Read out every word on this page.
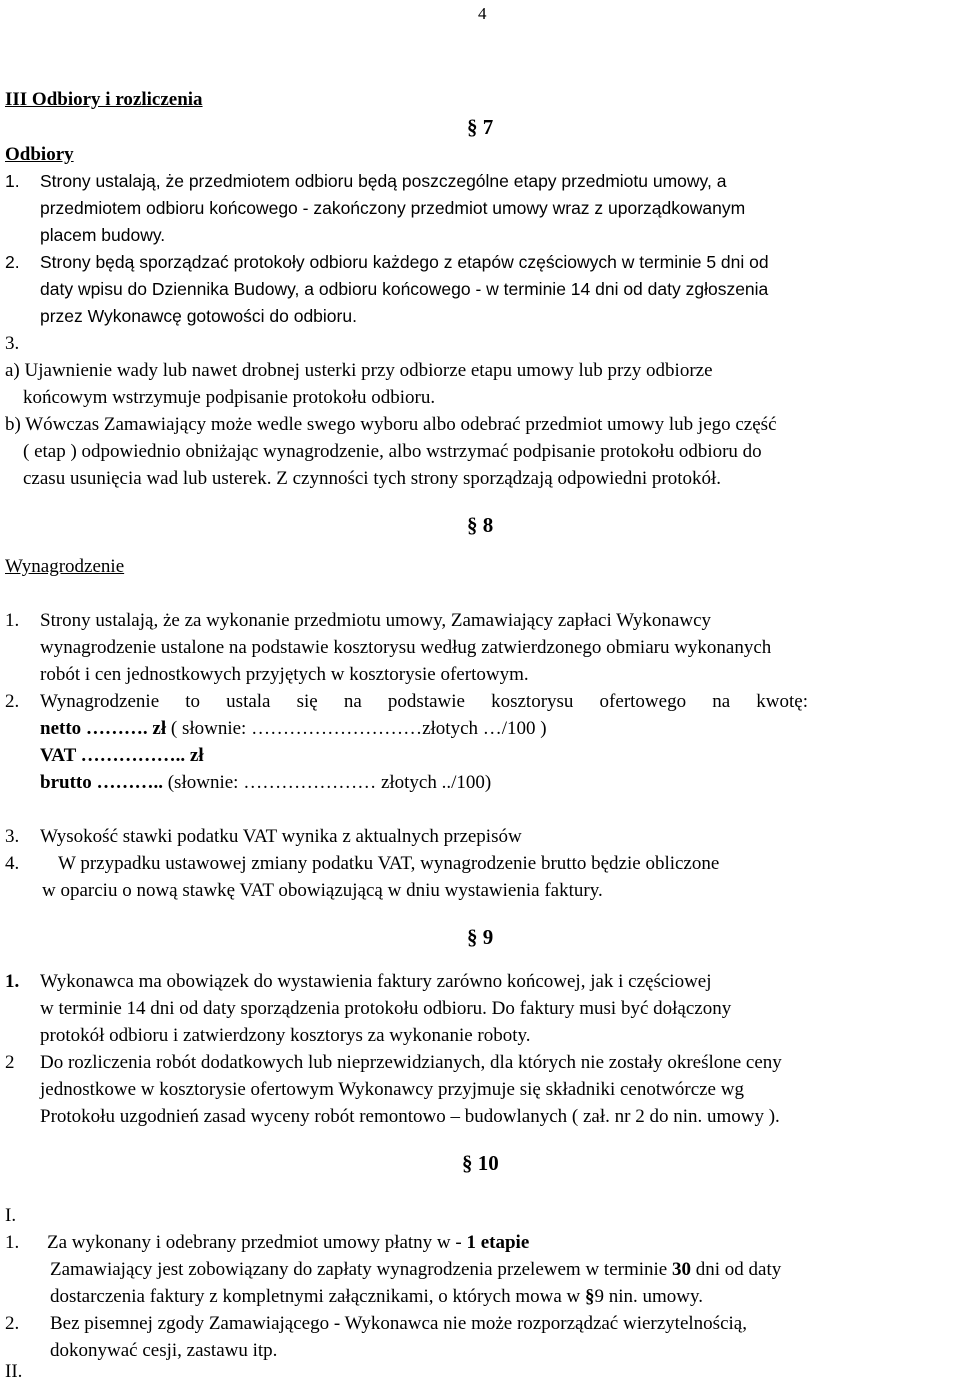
4
III Odbiory i rozliczenia
§ 7
Odbiory
1. Strony ustalają, że przedmiotem odbioru będą poszczególne etapy przedmiotu umowy, a
przedmiotem odbioru końcowego - zakończony przedmiot umowy wraz z uporządkowanym
placem budowy.
2. Strony będą sporządzać protokoły odbioru każdego z etapów częściowych w terminie 5 dni od
daty wpisu do Dziennika Budowy, a odbioru końcowego - w terminie 14 dni od daty zgłoszenia
przez Wykonawcę gotowości do odbioru.
3.
a) Ujawnienie wady lub nawet drobnej usterki przy odbiorze etapu umowy lub przy odbiorze
końcowym wstrzymuje podpisanie protokołu odbioru.
b) Wówczas Zamawiający może wedle swego wyboru albo odebrać przedmiot umowy lub jego część
( etap ) odpowiednio obniżając wynagrodzenie, albo wstrzymać podpisanie protokołu odbioru do
czasu usunięcia wad lub usterek. Z czynności tych strony sporządzają odpowiedni protokół.
§ 8
Wynagrodzenie
1. Strony ustalają, że za wykonanie przedmiotu umowy, Zamawiający zapłaci Wykonawcy
wynagrodzenie ustalone na podstawie kosztorysu według zatwierdzonego obmiaru wykonanych
robót i cen jednostkowych przyjętych w kosztorysie ofertowym.
2. Wynagrodzenie to ustala się na podstawie kosztorysu ofertowego na kwotę:
netto ………. zł ( słownie: ………………………złotych …/100 )
VAT …………….. zł
brutto ……….. (słownie: ………………… złotych ../100)
3. Wysokość stawki podatku VAT wynika z aktualnych przepisów
4. W przypadku ustawowej zmiany podatku VAT, wynagrodzenie brutto będzie obliczone
w oparciu o nową stawkę VAT obowiązującą w dniu wystawienia faktury.
§ 9
1. Wykonawca ma obowiązek do wystawienia faktury zarówno końcowej, jak i częściowej
w terminie 14 dni od daty sporządzenia protokołu odbioru. Do faktury musi być dołączony
protokół odbioru i zatwierdzony kosztorys za wykonanie roboty.
2 Do rozliczenia robót dodatkowych lub nieprzewidzianych, dla których nie zostały określone ceny
jednostkowe w kosztorysie ofertowym Wykonawcy przyjmuje się składniki cenotwórcze wg
Protokołu uzgodnień zasad wyceny robót remontowo – budowlanych ( zał. nr 2 do nin. umowy ).
§ 10
I.
1. Za wykonany i odebrany przedmiot umowy płatny w - 1 etapie
Zamawiający jest zobowiązany do zapłaty wynagrodzenia przelewem w terminie 30 dni od daty
dostarczenia faktury z kompletnymi załącznikami, o których mowa w §9 nin. umowy.
2. Bez pisemnej zgody Zamawiającego - Wykonawca nie może rozporządzać wierzytelnością,
dokonywać cesji, zastawu itp.
II.
